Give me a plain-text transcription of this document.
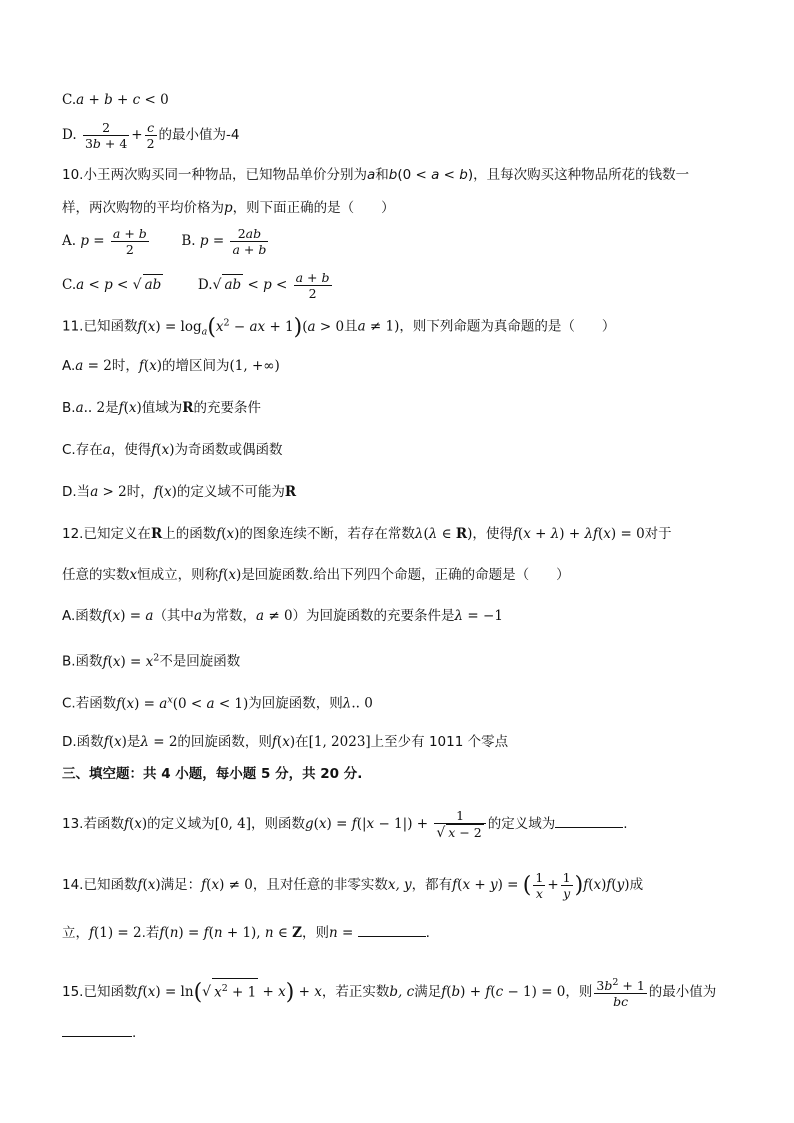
C.a + b + c < 0
D. $\frac{2}{3b + 4} + \frac{c}{2}$ 的最小值为-4
10.小王两次购买同一种物品，已知物品单价分别为a和b(0 < a < b)，且每次购买这种物品所花的钱数一
样，两次购物的平均价格为p，则下面正确的是（　　）
A. $p = \frac{a + b}{2} B$. $p = \frac{2ab}{a + b}$
C.a < p < √ ab	D.√ ab < $p < \frac{a + b}{2}$
11.已知函数$f(x) = \log_a(x^2$ − ax + 1)(a > 0且a ≠ 1)，则下列命题为真命题的是（　　）
A.a = 2时，f(x)的增区间为(1, +∞)
B.a.. 2是f(x)值域为R的充要条件
C.存在a，使得f(x)为奇函数或偶函数
D.当a > 2时，f(x)的定义域不可能为R
12.已知定义在R上的函数f(x)的图象连续不断，若存在常数λ(λ ∈ R)，使得f(x + λ) + λf(x) = 0对于
任意的实数x恒成立，则称f(x)是回旋函数.给出下列四个命题，正确的命题是（　　）
A.函数f(x) = a（其中a为常数，a ≠ 0）为回旋函数的充要条件是λ = −1
B.函数$f(x) = x^2$不是回旋函数
C.若函数$f(x) = a^x(0 < a < 1)$为回旋函数，则λ.. 0
D.函数f(x)是λ = 2的回旋函数，则f(x)在[1, 2023]上至少有 1011 个零点
三、填空题：共 4 小题，每小题 5 分，共 20 分.
13.若函数f(x)的定义域为[0, 4]，则函数$g(x) = f(|x - 1|) + \frac{1}{√ x - 2}$ 的定义域为	.
14.已知函数f(x)满足：f(x) ≠ 0，且对任意的非零实数x, y，都有f(x + y) = ( $\frac{1}{x} + \frac{1}{y} )f(x)f(y)$成
立，f(1) = 2.若f(n) = f(n + 1), n ∈ Z，则n =	.
15.已知函数f(x) = ln(√ $x^2 + 1 + x) + x$，若正实数b, c满足f(b) + f(c − 1) = 0，则 $\frac{3b^2 + 1}{bc}$ 的最小值为
.
